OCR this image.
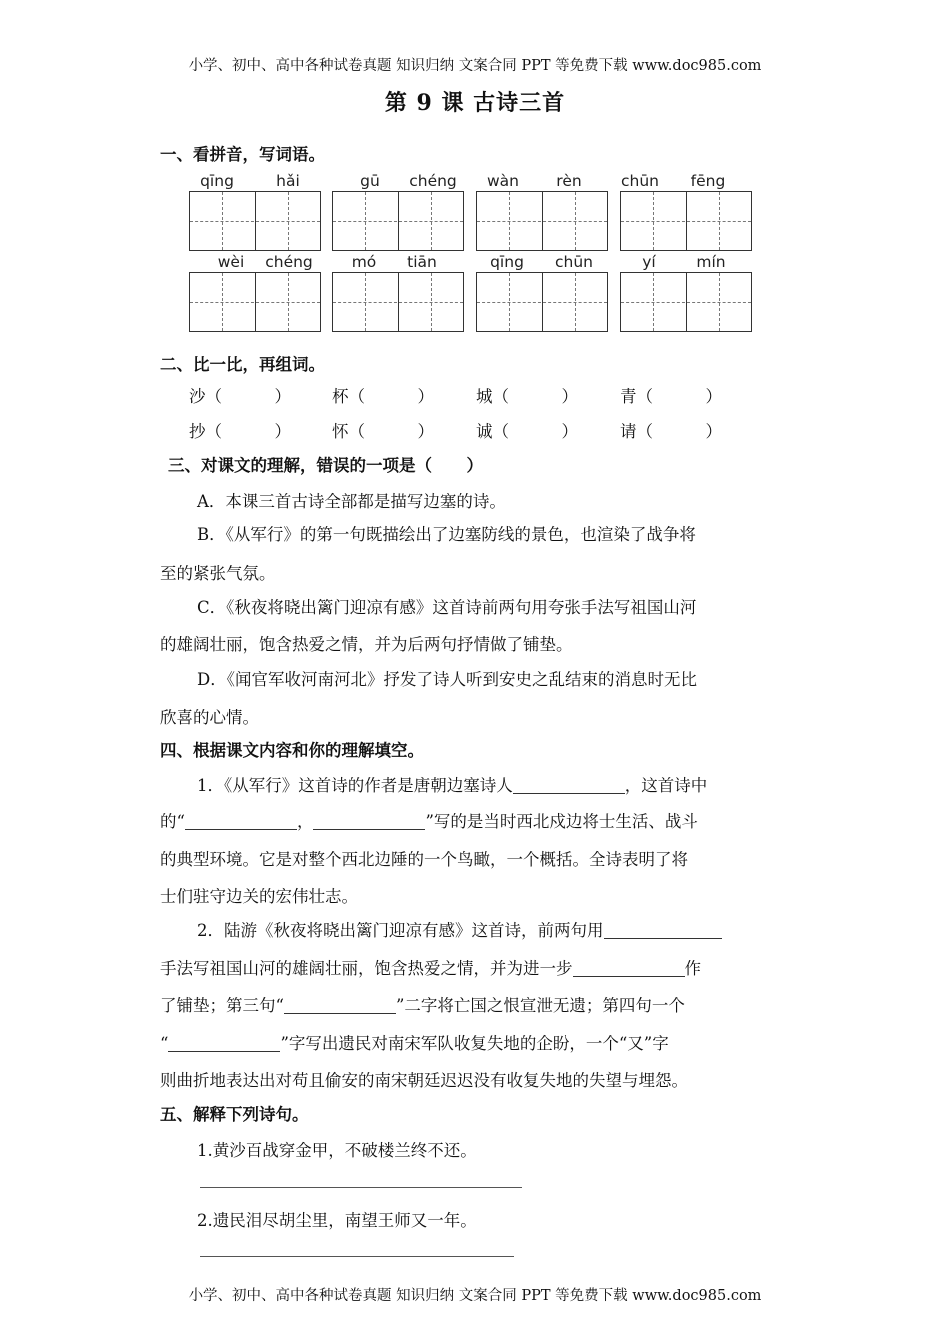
小学、初中、高中各种试卷真题 知识归纳 文案合同 PPT 等免费下载 www.doc985.com
第 9 课 古诗三首
一、看拼音，写词语。
qīng	hǎi	gū	chéng	wàn	rèn	chūn	fēng
wèi	chéng	mó	tiān	qīng	chūn	yí	mín
二、比一比，再组词。
沙（          ） 杯（          ）	城（          ）	青（          ）
抄（          ） 怀（          ）	诚（          ）	请（          ）
三、对课文的理解，错误的一项是（      ）
A．本课三首古诗全部都是描写边塞的诗。
B．《从军行》的第一句既描绘出了边塞防线的景色，也渲染了战争将
至的紧张气氛。
C．《秋夜将晓出篱门迎凉有感》这首诗前两句用夸张手法写祖国山河
的雄阔壮丽，饱含热爱之情，并为后两句抒情做了铺垫。
D．《闻官军收河南河北》抒发了诗人听到安史之乱结束的消息时无比
欣喜的心情。
四、根据课文内容和你的理解填空。
1．《从军行》这首诗的作者是唐朝边塞诗人	，这首诗中
的“	，	”写的是当时西北戍边将士生活、战斗
的典型环境。它是对整个西北边陲的一个鸟瞰，一个概括。全诗表明了将
士们驻守边关的宏伟壮志。
2．陆游《秋夜将晓出篱门迎凉有感》这首诗，前两句用
手法写祖国山河的雄阔壮丽，饱含热爱之情，并为进一步	作
了铺垫；第三句“	”二字将亡国之恨宣泄无遗；第四句一个
“	”字写出遗民对南宋军队收复失地的企盼，一个“又”字
则曲折地表达出对苟且偷安的南宋朝廷迟迟没有收复失地的失望与埋怨。
五、解释下列诗句。
1.黄沙百战穿金甲，不破楼兰终不还。
2.遗民泪尽胡尘里，南望王师又一年。
小学、初中、高中各种试卷真题 知识归纳 文案合同 PPT 等免费下载 www.doc985.com
